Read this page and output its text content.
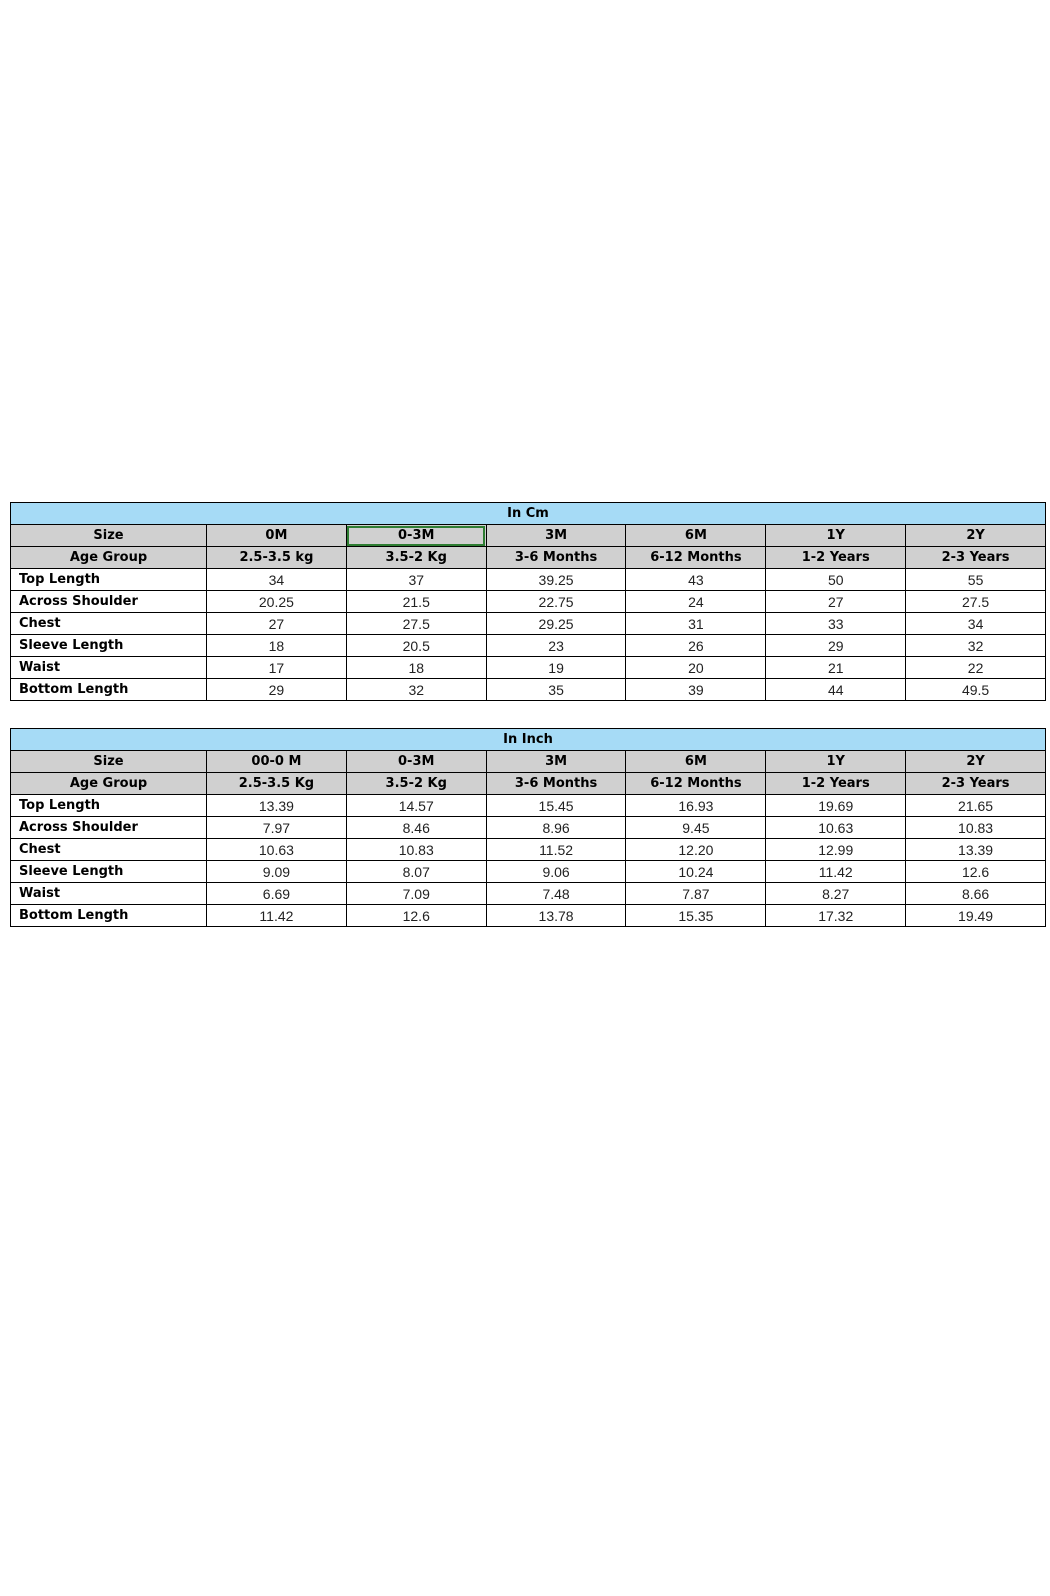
In Cm						
Size	0M	0-3M	3M	6M	1Y	2Y
Age Group	2.5-3.5 kg	3.5-2 Kg	3-6 Months	6-12 Months	1-2 Years	2-3 Years
Top Length	34	37	39.25	43	50	55
Across Shoulder	20.25	21.5	22.75	24	27	27.5
Chest	27	27.5	29.25	31	33	34
Sleeve Length	18	20.5	23	26	29	32
Waist	17	18	19	20	21	22
Bottom Length	29	32	35	39	44	49.5
In Inch						
Size	00-0 M	0-3M	3M	6M	1Y	2Y
Age Group	2.5-3.5 Kg	3.5-2 Kg	3-6 Months	6-12 Months	1-2 Years	2-3 Years
Top Length	13.39	14.57	15.45	16.93	19.69	21.65
Across Shoulder	7.97	8.46	8.96	9.45	10.63	10.83
Chest	10.63	10.83	11.52	12.20	12.99	13.39
Sleeve Length	9.09	8.07	9.06	10.24	11.42	12.6
Waist	6.69	7.09	7.48	7.87	8.27	8.66
Bottom Length	11.42	12.6	13.78	15.35	17.32	19.49
